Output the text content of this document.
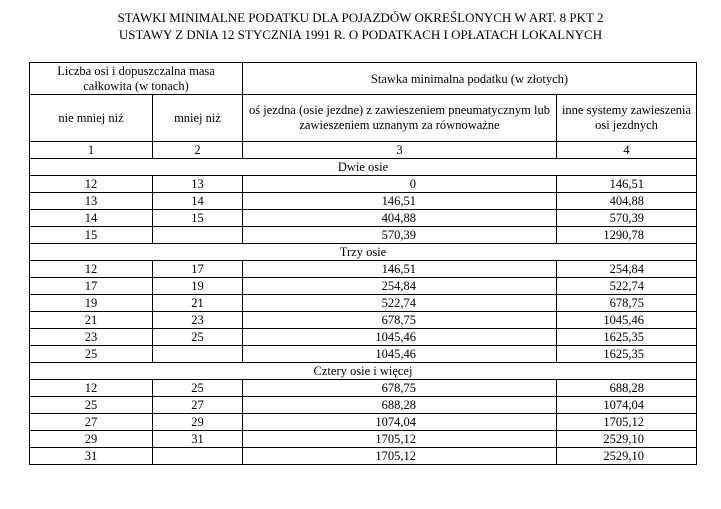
STAWKI MINIMALNE PODATKU DLA POJAZDÓW OKREŚLONYCH W ART. 8 PKT 2
USTAWY Z DNIA 12 STYCZNIA 1991 R. O PODATKACH I OPŁATACH LOKALNYCH
Liczba osi i dopuszczalna masa całkowita (w tonach)		Stawka minimalna podatku (w złotych)	
nie mniej niż	mniej niż	oś jezdna (osie jezdne) z zawieszeniem pneumatycznym lub zawieszeniem uznanym za równoważne	inne systemy zawieszenia osi jezdnych
1	2	3	4
Dwie osie			
12	13	0	146,51
13	14	146,51	404,88
14	15	404,88	570,39
15		570,39	1290,78
Trzy osie			
12	17	146,51	254,84
17	19	254,84	522,74
19	21	522,74	678,75
21	23	678,75	1045,46
23	25	1045,46	1625,35
25		1045,46	1625,35
Cztery osie i więcej			
12	25	678,75	688,28
25	27	688,28	1074,04
27	29	1074,04	1705,12
29	31	1705,12	2529,10
31		1705,12	2529,10
